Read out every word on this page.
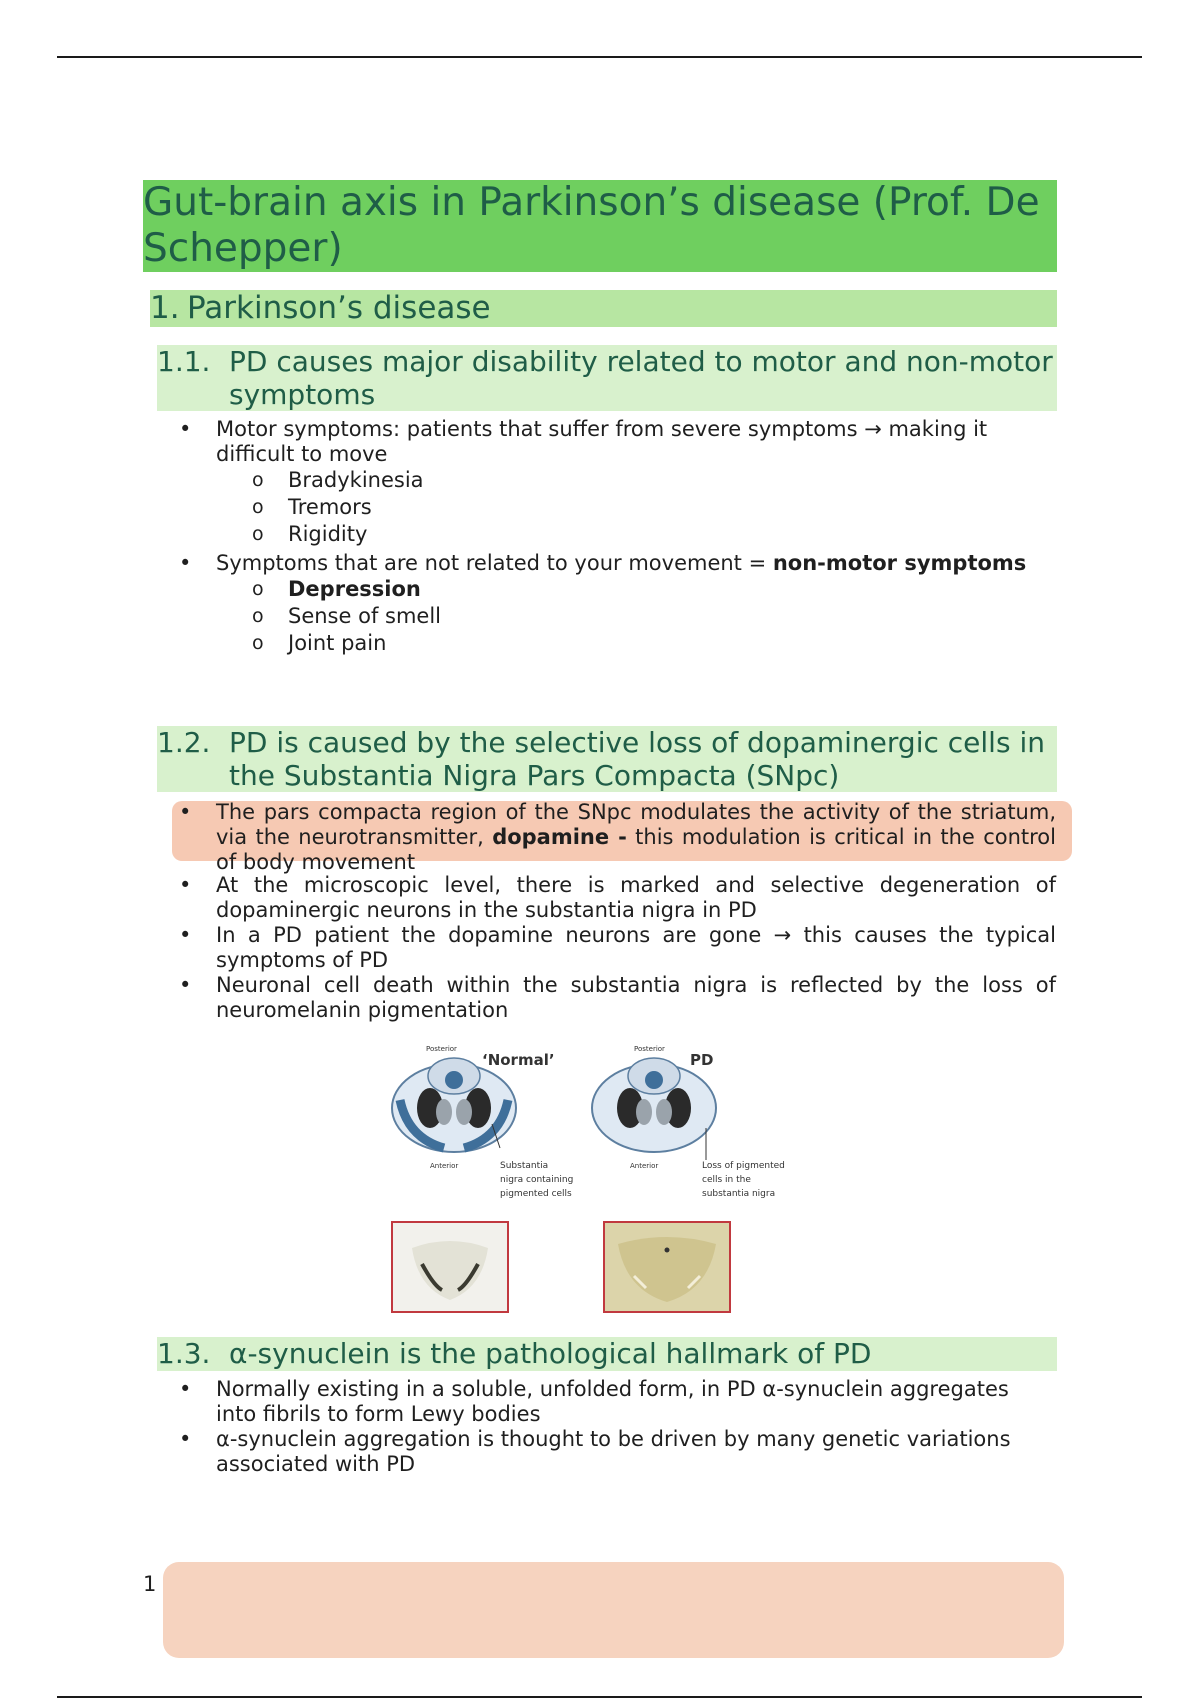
Gut-brain axis in Parkinson’s disease (Prof. De Schepper)
1. Parkinson’s disease
1.1. PD causes major disability related to motor and non-motor symptoms
• Motor symptoms: patients that suffer from severe symptoms → making it difficult to move
o Bradykinesia
o Tremors
o Rigidity
• Symptoms that are not related to your movement = non-motor symptoms
o Depression
o Sense of smell
o Joint pain
1.2. PD is caused by the selective loss of dopaminergic cells in the Substantia Nigra Pars Compacta (SNpc)
• The pars compacta region of the SNpc modulates the activity of the striatum, via the neurotransmitter, dopamine - this modulation is critical in the control of body movement
• At the microscopic level, there is marked and selective degeneration of dopaminergic neurons in the substantia nigra in PD
• In a PD patient the dopamine neurons are gone → this causes the typical symptoms of PD
• Neuronal cell death within the substantia nigra is reflected by the loss of neuromelanin pigmentation
Posterior
‘Normal’
Anterior	Substantia
nigra containing
pigmented cells
Posterior
PD
Anterior	Loss of pigmented
cells in the
substantia nigra
1.3. α-synuclein is the pathological hallmark of PD
• Normally existing in a soluble, unfolded form, in PD α-synuclein aggregates into fibrils to form Lewy bodies
• α-synuclein aggregation is thought to be driven by many genetic variations associated with PD
1
